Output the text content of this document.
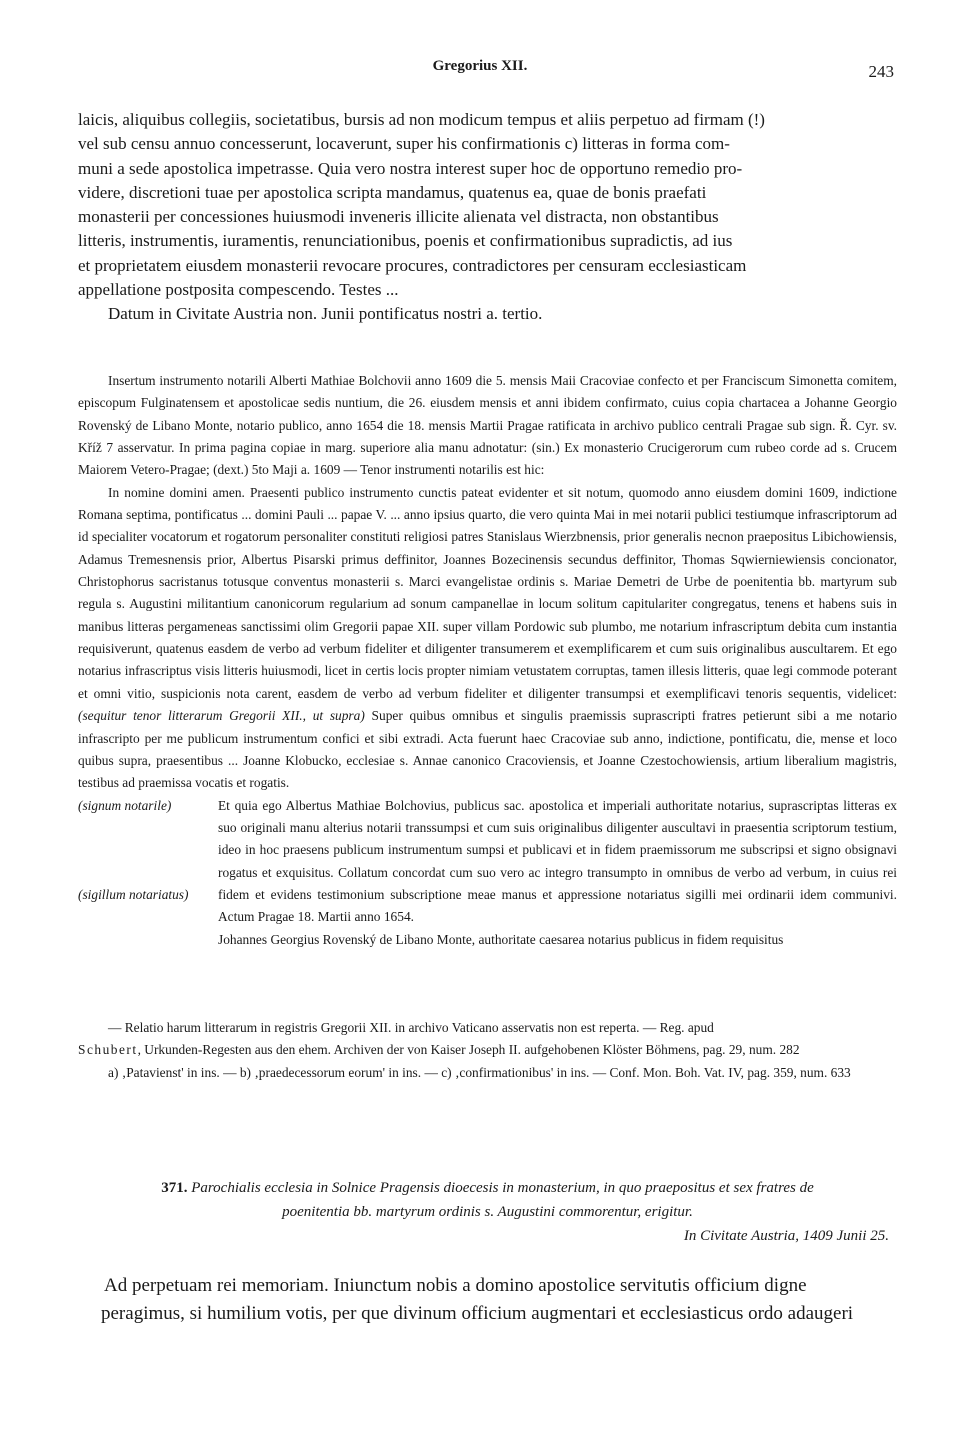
Gregorius XII.	243
laicis, aliquibus collegiis, societatibus, bursis ad non modicum tempus et aliis perpetuo ad firmam (!)
vel sub censu annuo concesserunt, locaverunt, super his confirmationis c) litteras in forma com-
muni a sede apostolica impetrasse. Quia vero nostra interest super hoc de opportuno remedio pro-
videre, discretioni tuae per apostolica scripta mandamus, quatenus ea, quae de bonis praefati
monasterii per concessiones huiusmodi inveneris illicite alienata vel distracta, non obstantibus
litteris, instrumentis, iuramentis, renunciationibus, poenis et confirmationibus supradictis, ad ius
et proprietatem eiusdem monasterii revocare procures, contradictores per censuram ecclesiasticam
appellatione postposita compescendo. Testes ...
Datum in Civitate Austria non. Junii pontificatus nostri a. tertio.

Insertum instrumento notarili Alberti Mathiae Bolchovii anno 1609 die 5. mensis Maii Cracoviae confecto et per Franciscum Simonetta comitem, episcopum Fulginatensem et apostolicae sedis nuntium, die 26. eiusdem mensis et anni ibidem confirmato, cuius copia chartacea a Johanne Georgio Rovenský de Libano Monte, notario publico, anno 1654 die 18. mensis Martii Pragae ratificata in archivo publico centrali Pragae sub sign. Ř. Cyr. sv. Kříž 7 asservatur. In prima pagina copiae in marg. superiore alia manu adnotatur: (sin.) Ex monasterio Crucigerorum cum rubeo corde ad s. Crucem Maiorem Vetero-Pragae; (dext.) 5to Maji a. 1609 — Tenor instrumenti notarilis est hic:

In nomine domini amen. Praesenti publico instrumento cunctis pateat evidenter et sit notum, quomodo anno eiusdem domini 1609, indictione Romana septima, pontificatus ... domini Pauli ... papae V. ... anno ipsius quarto, die vero quinta Mai in mei notarii publici testiumque infrascriptorum ad id specialiter vocatorum et rogatorum personaliter constituti religiosi patres Stanislaus Wierzbnensis, prior generalis necnon praepositus Libichowiensis, Adamus Tremesnensis prior, Albertus Pisarski primus deffinitor, Joannes Bozecinensis secundus deffinitor, Thomas Sqwierniewiensis concionator, Christophorus sacristanus totusque conventus monasterii s. Marci evangelistae ordinis s. Mariae Demetri de Urbe de poenitentia bb. martyrum sub regula s. Augustini militantium canonicorum regularium ad sonum campanellae in locum solitum capitulariter congregatus, tenens et habens suis in manibus litteras pergameneas sanctissimi olim Gregorii papae XII. super villam Pordowic sub plumbo, me notarium infrascriptum debita cum instantia requisiverunt, quatenus easdem de verbo ad verbum fideliter et diligenter transumerem et exemplificarem et cum suis originalibus auscultarem. Et ego notarius infrascriptus visis litteris huiusmodi, licet in certis locis propter nimiam vetustatem corruptas, tamen illesis litteris, quae legi commode poterant et omni vitio, suspicionis nota carent, easdem de verbo ad verbum fideliter et diligenter transumpsi et exemplificavi tenoris sequentis, videlicet: (sequitur tenor litterarum Gregorii XII., ut supra) Super quibus omnibus et singulis praemissis suprascripti fratres petierunt sibi a me notario infrascripto per me publicum instrumentum confici et sibi extradi. Acta fuerunt haec Cracoviae sub anno, indictione, pontificatu, die, mense et loco quibus supra, praesentibus ... Joanne Klobucko, ecclesiae s. Annae canonico Cracoviensis, et Joanne Czestochowiensis, artium liberalium magistris, testibus ad praemissa vocatis et rogatis.

(signum notarile)
(sigillum notariatus)
Et quia ego Albertus Mathiae Bolchovius, publicus sac. apostolica et imperiali authoritate notarius, suprascriptas litteras ex suo originali manu alterius notarii transsumpsi et cum suis originalibus diligenter auscultavi in praesentia scriptorum testium, ideo in hoc praesens publicum instrumentum sumpsi et publicavi et in fidem praemissorum me subscripsi et signo obsignavi rogatus et exquisitus. Collatum concordat cum suo vero ac integro transumpto in omnibus de verbo ad verbum, in cuius rei fidem et evidens testimonium subscriptione meae manus et appressione notariatus sigilli mei ordinarii idem communivi. Actum Pragae 18. Martii anno 1654.

Johannes Georgius Rovenský de Libano Monte, authoritate caesarea notarius publicus in fidem requisitus

— Relatio harum litterarum in registris Gregorii XII. in archivo Vaticano asservatis non est reperta. — Reg. apud
Schubert, Urkunden-Regesten aus den ehem. Archiven der von Kaiser Joseph II. aufgehobenen Klöster Böhmens, pag. 29, num. 282

a) ‚Patavienst' in ins. — b) ‚praedecessorum eorum' in ins. — c) ‚confirmationibus' in ins. — Conf. Mon. Boh. Vat. IV, pag. 359, num. 633

371. Parochialis ecclesia in Solnice Pragensis dioecesis in monasterium, in quo praepositus et sex fratres de
poenitentia bb. martyrum ordinis s. Augustini commorentur, erigitur.
In Civitate Austria, 1409 Junii 25.
Ad perpetuam rei memoriam. Iniunctum nobis a domino apostolice servitutis officium digne
peragimus, si humilium votis, per que divinum officium augmentari et ecclesiasticus ordo adaugeri
